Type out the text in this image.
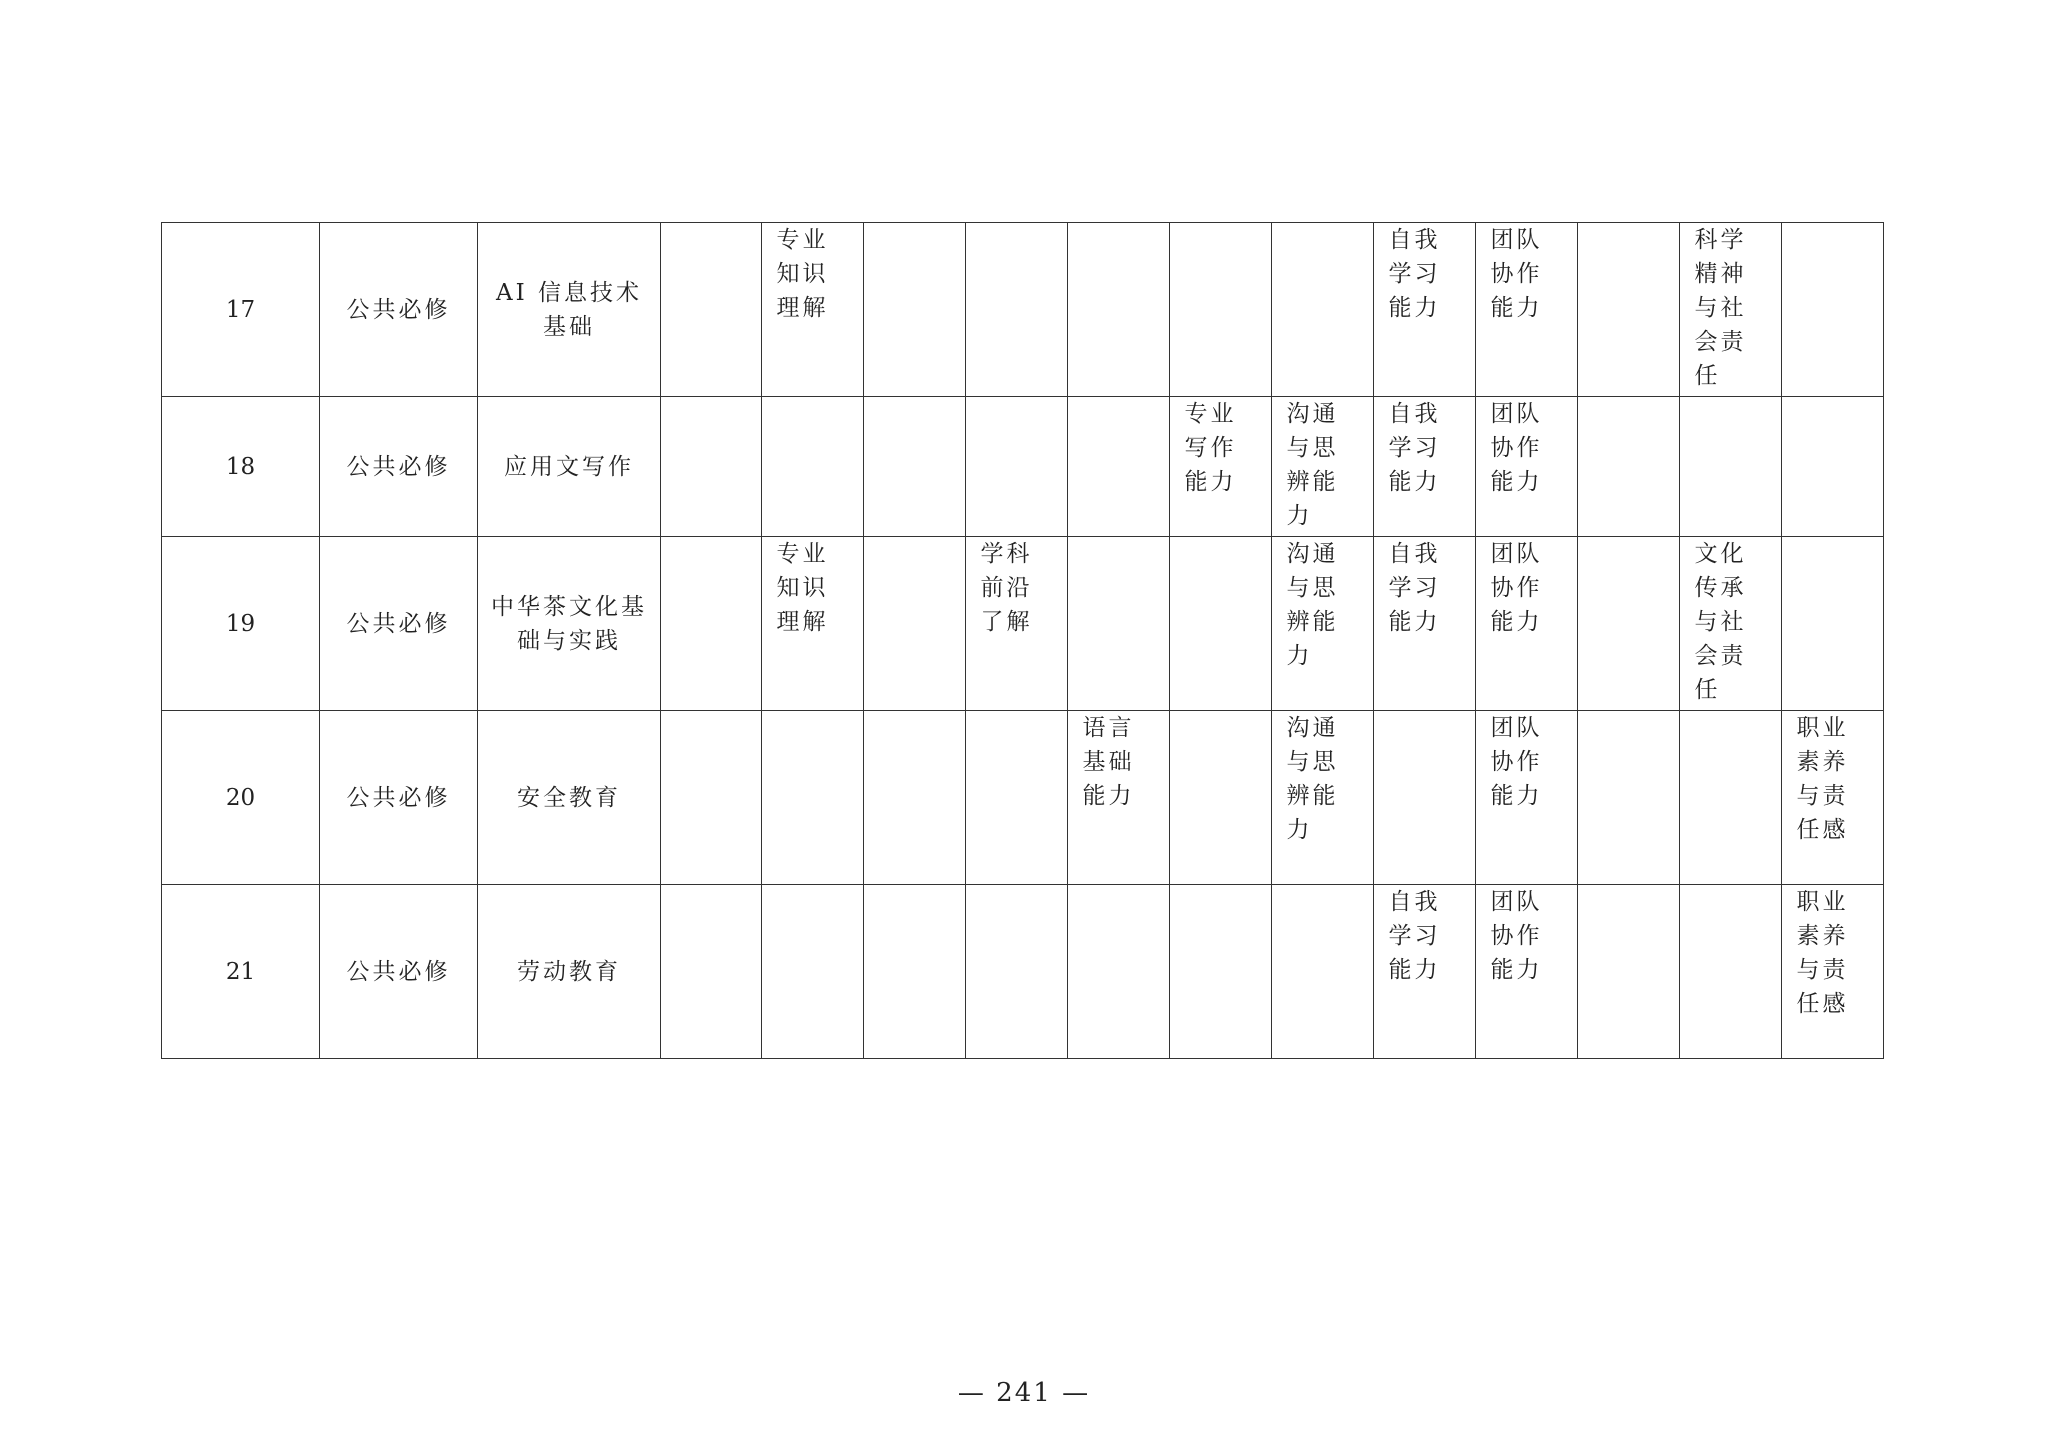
17	公共必修	AI 信息技术基础		专业知识理解						自我学习能力	团队协作能力		科学精神与社会责任	
18	公共必修	应用文写作						专业写作能力	沟通与思辨能力	自我学习能力	团队协作能力			
19	公共必修	中华茶文化基础与实践		专业知识理解		学科前沿了解			沟通与思辨能力	自我学习能力	团队协作能力		文化传承与社会责任	
20	公共必修	安全教育					语言基础能力		沟通与思辨能力		团队协作能力			职业素养与责任感
21	公共必修	劳动教育								自我学习能力	团队协作能力			职业素养与责任感
— 241 —
